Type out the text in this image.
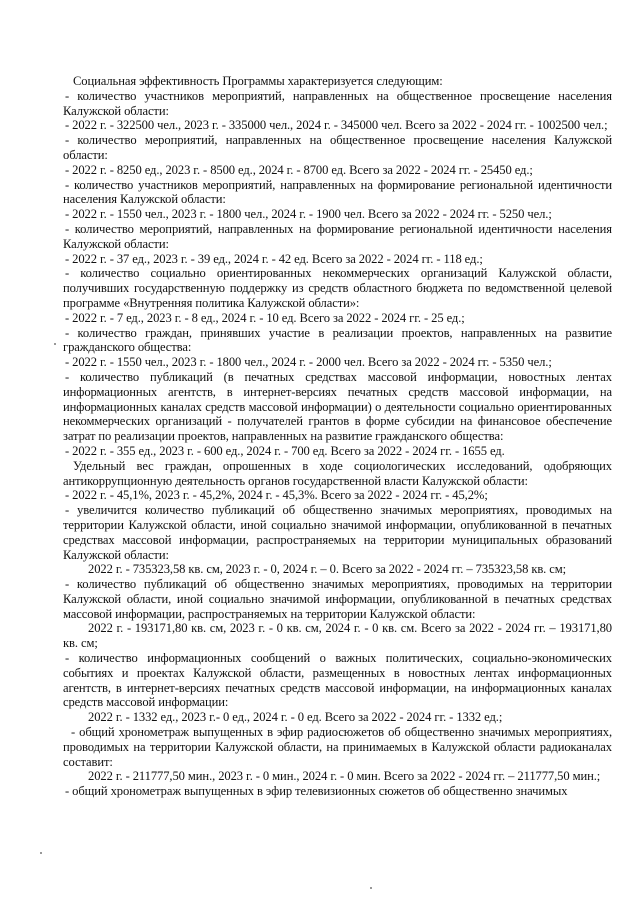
Социальная эффективность Программы характеризуется следующим:

- количество участников мероприятий, направленных на общественное просвещение населения Калужской области:

- 2022 г. - 322500 чел., 2023 г. - 335000 чел., 2024 г. - 345000 чел. Всего за 2022 - 2024 гг. - 1002500 чел.;

- количество мероприятий, направленных на общественное просвещение населения Калужской области:

- 2022 г. - 8250 ед., 2023 г. - 8500 ед., 2024 г. - 8700 ед. Всего за 2022 - 2024 гг. - 25450 ед.;

- количество участников мероприятий, направленных на формирование региональной идентичности населения Калужской области:

- 2022 г. - 1550 чел., 2023 г. - 1800 чел., 2024 г. - 1900 чел. Всего за 2022 - 2024 гг. - 5250 чел.;

- количество мероприятий, направленных на формирование региональной идентичности населения Калужской области:

- 2022 г. - 37 ед., 2023 г. - 39 ед., 2024 г. - 42 ед. Всего за 2022 - 2024 гг. - 118 ед.;

- количество социально ориентированных некоммерческих организаций Калужской области, получивших государственную поддержку из средств областного бюджета по ведомственной целевой программе «Внутренняя политика Калужской области»:

- 2022 г. - 7 ед., 2023 г. - 8 ед., 2024 г. - 10 ед. Всего за 2022 - 2024 гг. - 25 ед.;

- количество граждан, принявших участие в реализации проектов, направленных на развитие гражданского общества:

- 2022 г. - 1550 чел., 2023 г. - 1800 чел., 2024 г. - 2000 чел. Всего за 2022 - 2024 гг. - 5350 чел.;

- количество публикаций (в печатных средствах массовой информации, новостных лентах информационных агентств, в интернет-версиях печатных средств массовой информации, на информационных каналах средств массовой информации) о деятельности социально ориентированных некоммерческих организаций - получателей грантов в форме субсидии на финансовое обеспечение затрат по реализации проектов, направленных на развитие гражданского общества:

- 2022 г. - 355 ед., 2023 г. - 600 ед., 2024 г. - 700 ед. Всего за 2022 - 2024 гг. - 1655 ед.

Удельный вес граждан, опрошенных в ходе социологических исследований, одобряющих антикоррупционную деятельность органов государственной власти Калужской области:

- 2022 г. - 45,1%, 2023 г. - 45,2%, 2024 г. - 45,3%. Всего за 2022 - 2024 гг. - 45,2%;

- увеличится количество публикаций об общественно значимых мероприятиях, проводимых на территории Калужской области, иной социально значимой информации, опубликованной в печатных средствах массовой информации, распространяемых на территории муниципальных образований Калужской области:

2022 г. - 735323,58 кв. см, 2023 г. - 0, 2024 г. – 0. Всего за 2022 - 2024 гг. – 735323,58 кв. см;

- количество публикаций об общественно значимых мероприятиях, проводимых на территории Калужской области, иной социально значимой информации, опубликованной в печатных средствах массовой информации, распространяемых на территории Калужской области:

2022 г. - 193171,80 кв. см, 2023 г. - 0 кв. см, 2024 г. - 0 кв. см. Всего за 2022 - 2024 гг. – 193171,80 кв. см;

- количество информационных сообщений о важных политических, социально-экономических событиях и проектах Калужской области, размещенных в новостных лентах информационных агентств, в интернет-версиях печатных средств массовой информации, на информационных каналах средств массовой информации:

2022 г. - 1332 ед., 2023 г.- 0 ед., 2024 г. - 0 ед. Всего за 2022 - 2024 гг. - 1332 ед.;

- общий хронометраж выпущенных в эфир радиосюжетов об общественно значимых мероприятиях, проводимых на территории Калужской области, на принимаемых в Калужской области радиоканалах составит:

2022 г. - 211777,50 мин., 2023 г. - 0 мин., 2024 г. - 0 мин. Всего за 2022 - 2024 гг. – 211777,50 мин.;

- общий хронометраж выпущенных в эфир телевизионных сюжетов об общественно значимых
